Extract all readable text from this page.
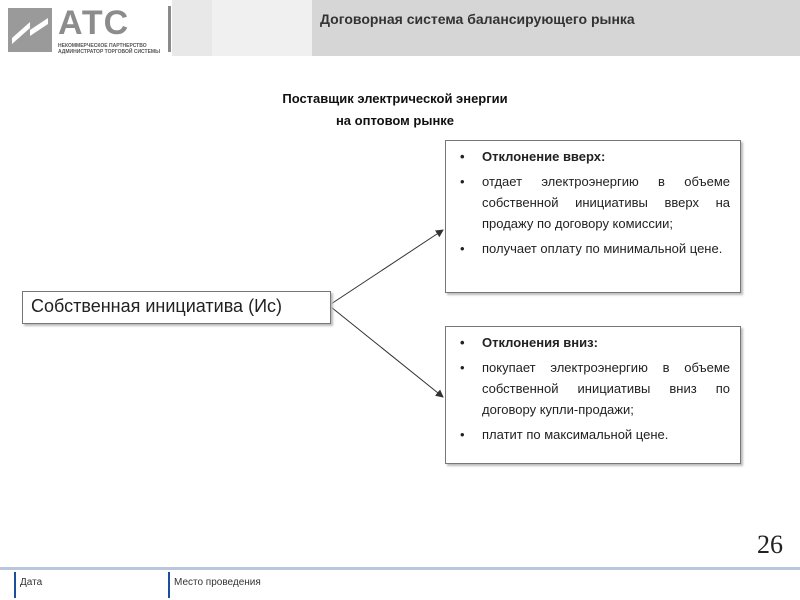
АТС
НЕКОММЕРЧЕСКОЕ ПАРТНЕРСТВО
АДМИНИСТРАТОР ТОРГОВОЙ СИСТЕМЫ
Договорная система балансирующего рынка
Поставщик электрической энергии
на оптовом рынке
Собственная инициатива (Ис)
• Отклонение вверх:
• отдает электроэнергию в объеме собственной инициативы вверх на продажу по договору комиссии;
• получает оплату по минимальной цене.
• Отклонения вниз:
• покупает электроэнергию в объеме собственной инициативы вниз по договору купли-продажи;
• платит по максимальной цене.
26
Дата	Место проведения
